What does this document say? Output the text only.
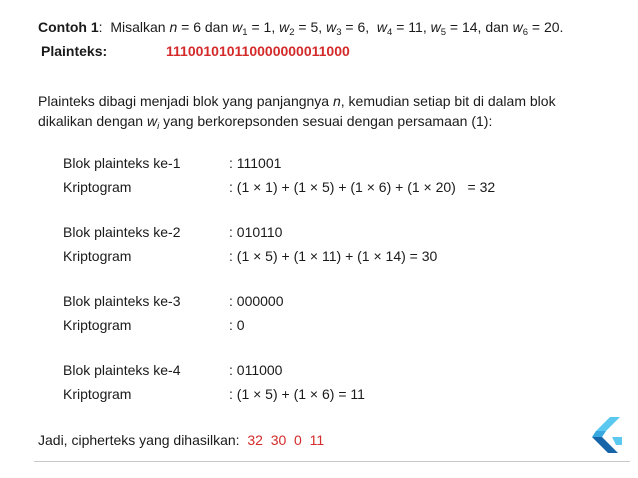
Contoh 1: Misalkan n = 6 dan $w_1 = 1$, $w_2 = 5$, $w_3 = 6$,  $w_4 = 11$, $w_5 = 14$, dan $w_6 = 20$.
Plainteks:	111001010110000000011000
Plainteks dibagi menjadi blok yang panjangnya n, kemudian setiap bit di dalam blok
dikalikan dengan $w_i$ yang berkorepsonden sesuai dengan persamaan (1):
Blok plainteks ke-1	: 111001
Kriptogram	: (1 × 1) + (1 × 5) + (1 × 6) + (1 × 20)   = 32
Blok plainteks ke-2	: 010110
Kriptogram	: (1 × 5) + (1 × 11) + (1 × 14) = 30
Blok plainteks ke-3	: 000000
Kriptogram	: 0
Blok plainteks ke-4	: 011000
Kriptogram	: (1 × 5) + (1 × 6) = 11
Jadi, cipherteks yang dihasilkan: 32  30  0  11
